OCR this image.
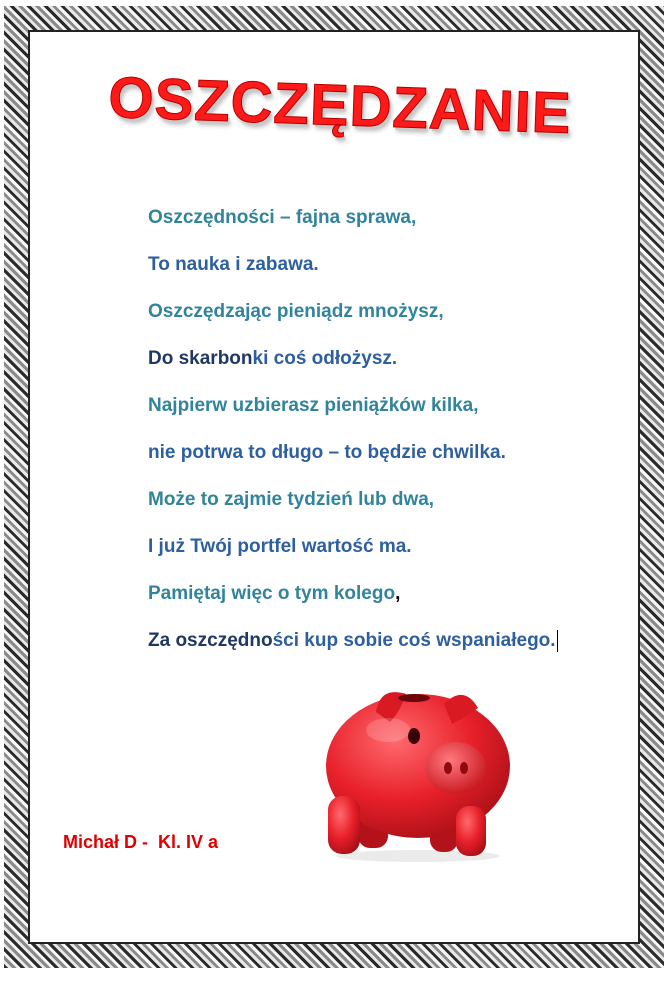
OSZCZĘDZANIE
Oszczędności – fajna sprawa,
To nauka i zabawa.
Oszczędzając pieniądz mnożysz,
Do skarbonki coś odłożysz.
Najpierw uzbierasz pieniążków kilka,
nie potrwa to długo – to będzie chwilka.
Może to zajmie tydzień lub dwa,
I już Twój portfel wartość ma.
Pamiętaj więc o tym kolego,
Za oszczędności kup sobie coś wspaniałego.
Michał D -  Kl. IV a
